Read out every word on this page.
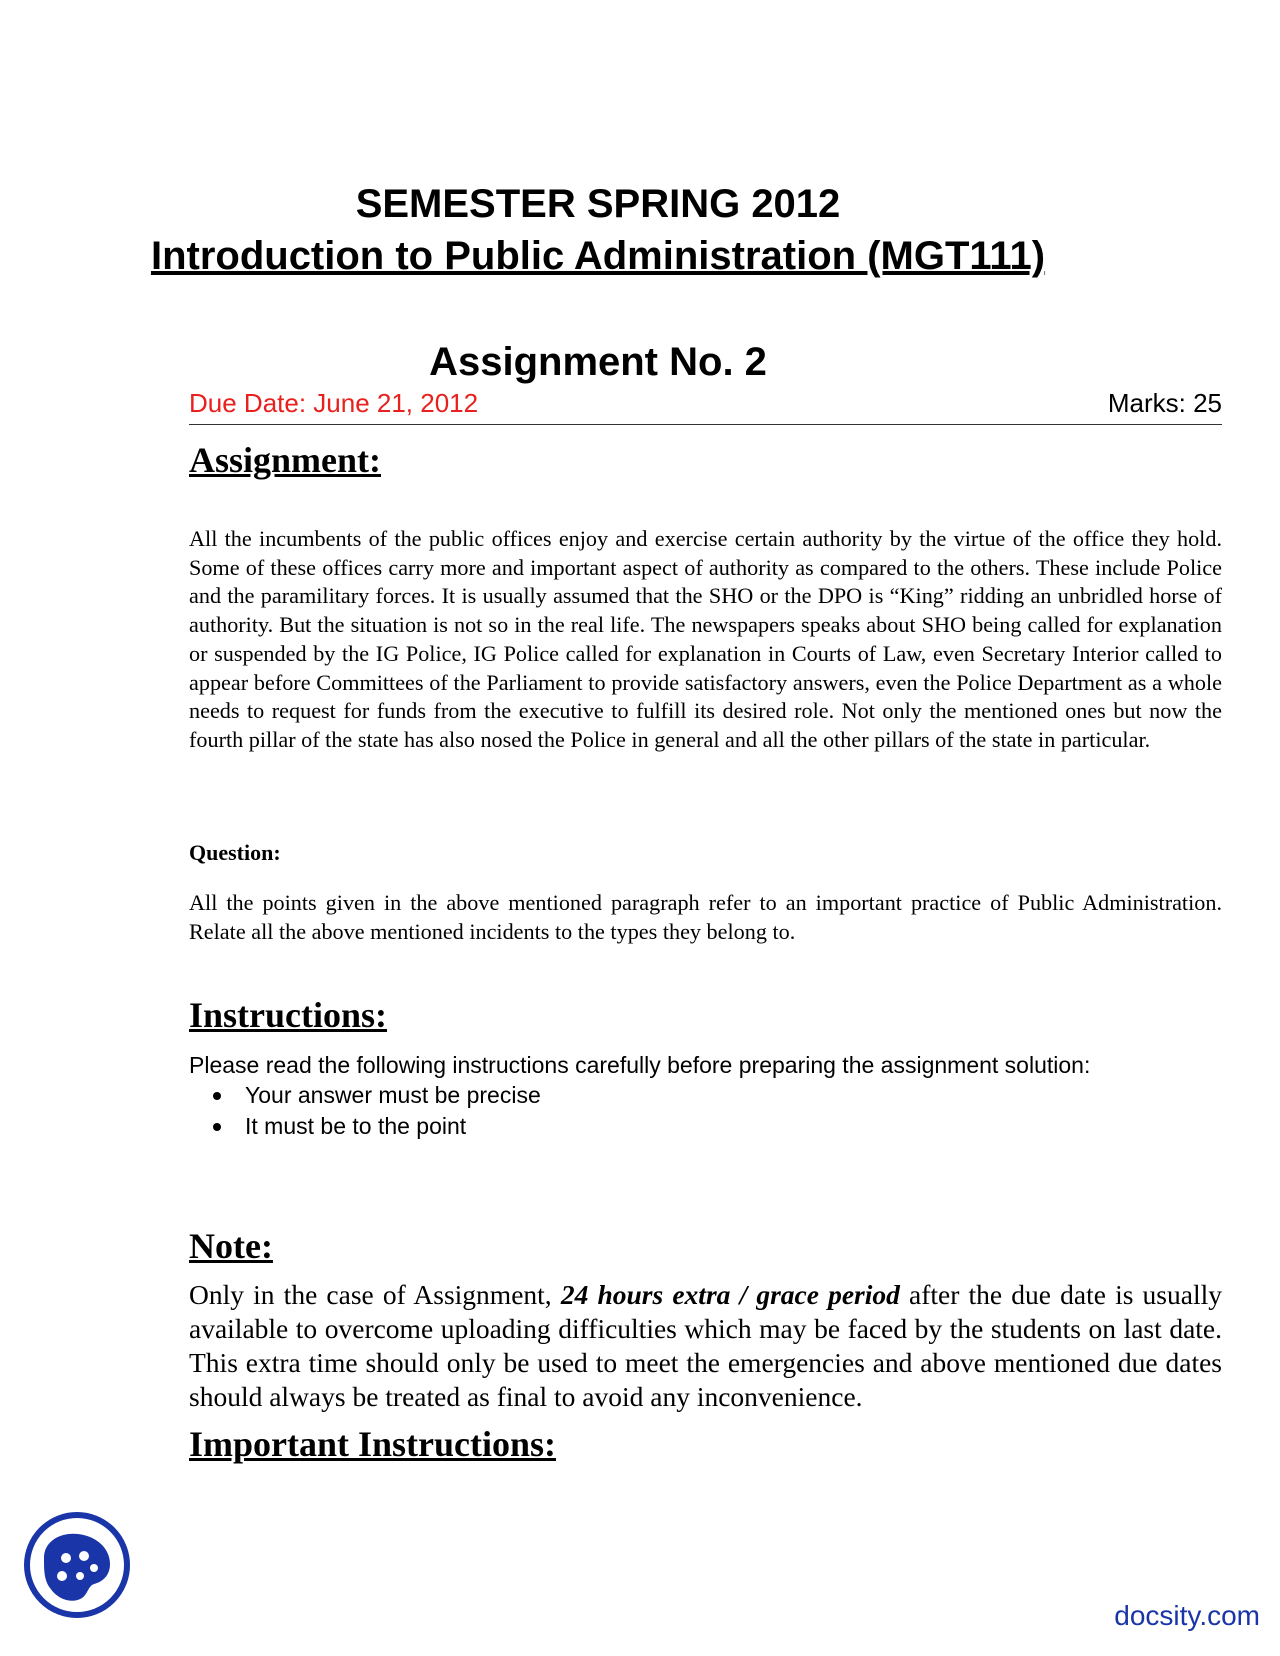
SEMESTER SPRING 2012
Introduction to Public Administration (MGT111)
Assignment No. 2
Due Date: June 21, 2012	Marks: 25
Assignment:
All the incumbents of the public offices enjoy and exercise certain authority by the virtue of the office they hold. Some of these offices carry more and important aspect of authority as compared to the others. These include Police and the paramilitary forces. It is usually assumed that the SHO or the DPO is “King” ridding an unbridled horse of authority. But the situation is not so in the real life. The newspapers speaks about SHO being called for explanation or suspended by the IG Police, IG Police called for explanation in Courts of Law, even Secretary Interior called to appear before Committees of the Parliament to provide satisfactory answers, even the Police Department as a whole needs to request for funds from the executive to fulfill its desired role. Not only the mentioned ones but now the fourth pillar of the state has also nosed the Police in general and all the other pillars of the state in particular.
Question:
All the points given in the above mentioned paragraph refer to an important practice of Public Administration. Relate all the above mentioned incidents to the types they belong to.
Instructions:
Please read the following instructions carefully before preparing the assignment solution:
Your answer must be precise
It must be to the point
Note:
Only in the case of Assignment, 24 hours extra / grace period after the due date is usually available to overcome uploading difficulties which may be faced by the students on last date. This extra time should only be used to meet the emergencies and above mentioned due dates should always be treated as final to avoid any inconvenience.
Important Instructions:
docsity.com
